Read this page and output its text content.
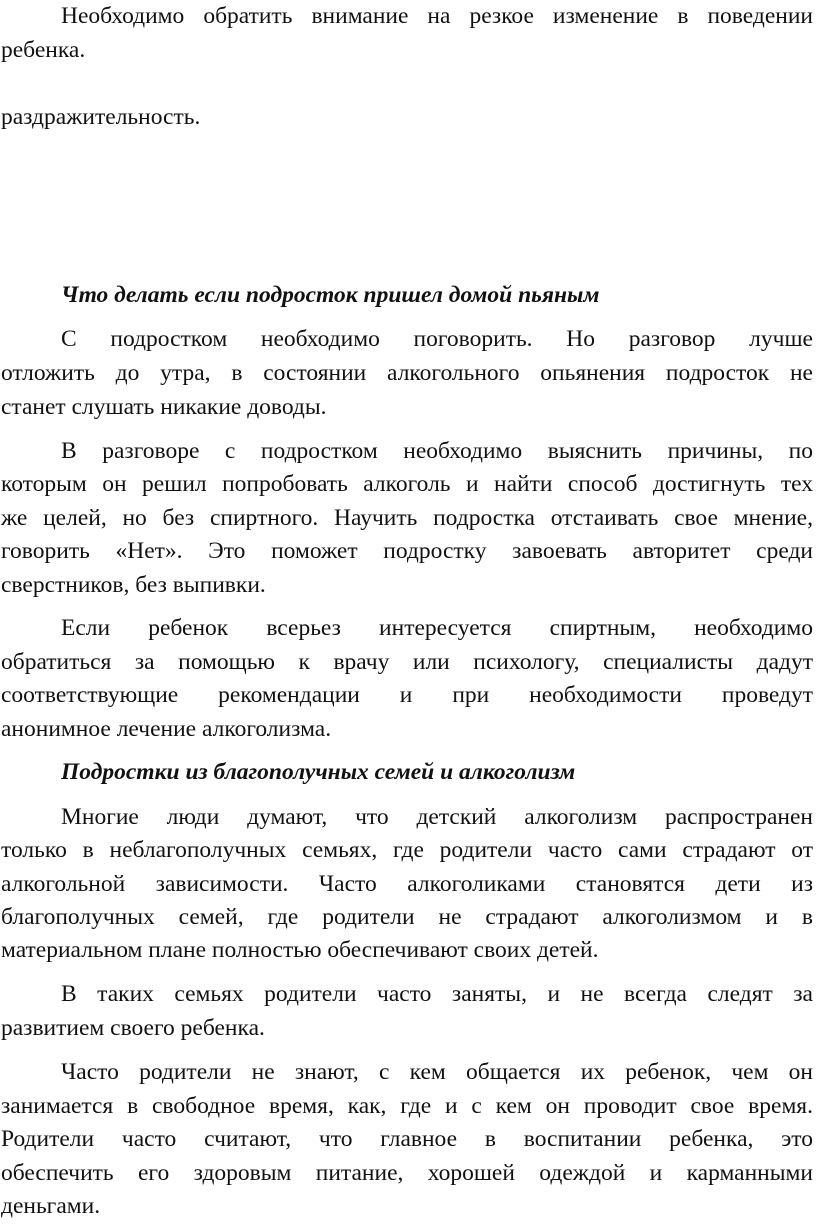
Необходимо обратить внимание на резкое изменение в поведении
ребенка.
раздражительность.
Что делать если подросток пришел домой пьяным
С подростком необходимо поговорить. Но разговор лучше
отложить до утра, в состоянии алкогольного опьянения подросток не
станет слушать никакие доводы.
В разговоре с подростком необходимо выяснить причины, по
которым он решил попробовать алкоголь и найти способ достигнуть тех
же целей, но без спиртного. Научить подростка отстаивать свое мнение,
говорить «Нет». Это поможет подростку завоевать авторитет среди
сверстников, без выпивки.
Если ребенок всерьез интересуется спиртным, необходимо
обратиться за помощью к врачу или психологу, специалисты дадут
соответствующие рекомендации и при необходимости проведут
анонимное лечение алкоголизма.
Подростки из благополучных семей и алкоголизм
Многие люди думают, что детский алкоголизм распространен
только в неблагополучных семьях, где родители часто сами страдают от
алкогольной зависимости. Часто алкоголиками становятся дети из
благополучных семей, где родители не страдают алкоголизмом и в
материальном плане полностью обеспечивают своих детей.
В таких семьях родители часто заняты, и не всегда следят за
развитием своего ребенка.
Часто родители не знают, с кем общается их ребенок, чем он
занимается в свободное время, как, где и с кем он проводит свое время.
Родители часто считают, что главное в воспитании ребенка, это
обеспечить его здоровым питание, хорошей одеждой и карманными
деньгами.
